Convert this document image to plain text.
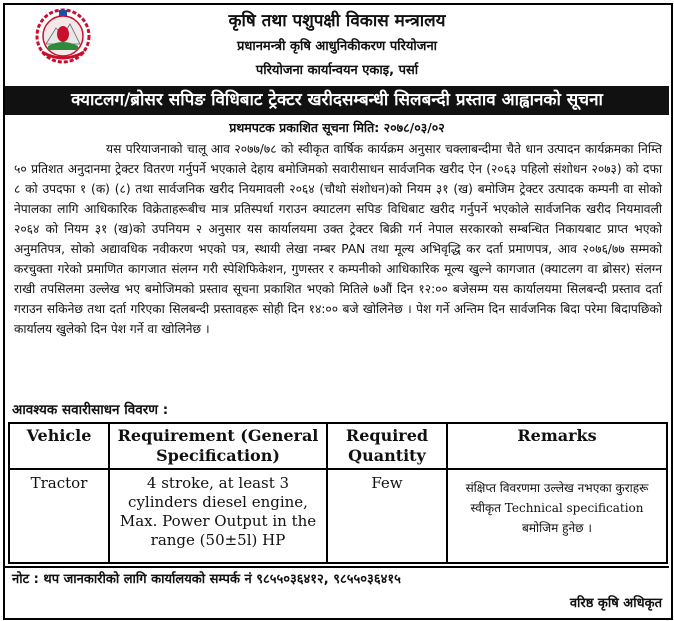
कृषि तथा पशुपक्षी विकास मन्त्रालय
प्रधानमन्त्री कृषि आधुनिकीकरण परियोजना
परियोजना कार्यान्वयन एकाइ, पर्सा
क्याटलग/ब्रोसर सपिङ विधिबाट ट्रेक्टर खरीदसम्बन्धी सिलबन्दी प्रस्ताव आह्वानको सूचना
प्रथमपटक प्रकाशित सूचना मिति: २०७८/०३/०२
यस परियाजनाको चालू आव २०७७/७८ को स्वीकृत वार्षिक कार्यक्रम अनुसार चक्लाबन्दीमा चैते धान उत्पादन कार्यक्रमका निम्ति ५० प्रतिशत अनुदानमा ट्रेक्टर वितरण गर्नुपर्ने भएकाले देहाय बमोजिमको सवारीसाधन सार्वजनिक खरीद ऐन (२०६३ पहिलो संशोधन २०७३) को दफा ८ को उपदफा १ (क) (८) तथा सार्वजनिक खरीद नियमावली २०६४ (चौथो संशोधन)को नियम ३१ (ख) बमोजिम ट्रेक्टर उत्पादक कम्पनी वा सोको नेपालका लागि आधिकारिक विक्रेताहरूबीच मात्र प्रतिस्पर्धा गराउन क्याटलग सपिङ विधिबाट खरीद गर्नुपर्ने भएकोले सार्वजनिक खरीद नियमावली २०६४ को नियम ३१ (ख)को उपनियम २ अनुसार यस कार्यालयमा उक्त ट्रेक्टर बिक्री गर्न नेपाल सरकारको सम्बन्धित निकायबाट प्राप्त भएको अनुमतिपत्र, सोको अद्यावधिक नवीकरण भएको पत्र, स्थायी लेखा नम्बर PAN तथा मूल्य अभिवृद्धि कर दर्ता प्रमाणपत्र, आव २०७६/७७ सम्मको करचुक्ता गरेको प्रमाणित कागजात संलग्न गरी स्पेशिफिकेशन, गुणस्तर र कम्पनीको आधिकारिक मूल्य खुल्ने कागजात (क्याटलग वा ब्रोसर) संलग्न राखी तपसिलमा उल्लेख भए बमोजिमको प्रस्ताव सूचना प्रकाशित भएको मितिले ७औं दिन १२:०० बजेसम्म यस कार्यालयमा सिलबन्दी प्रस्ताव दर्ता गराउन सकिनेछ तथा दर्ता गरिएका सिलबन्दी प्रस्तावहरू सोही दिन १४:०० बजे खोलिनेछ । पेश गर्ने अन्तिम दिन सार्वजनिक बिदा परेमा बिदापछिको कार्यालय खुलेको दिन पेश गर्ने वा खोलिनेछ ।
आवश्यक सवारीसाधन विवरण :
Vehicle	Requirement (General Specification)	Required Quantity	Remarks
Tractor	4 stroke, at least 3 cylinders diesel engine, Max. Power Output in the range (50±5l) HP	Few	संक्षिप्त विवरणमा उल्लेख नभएका कुराहरू स्वीकृत Technical specification बमोजिम हुनेछ ।
नोट : थप जानकारीको लागि कार्यालयको सम्पर्क नं ९८५५०३६४१२, ९८५५०३६४१५
वरिष्ठ कृषि अधिकृत
